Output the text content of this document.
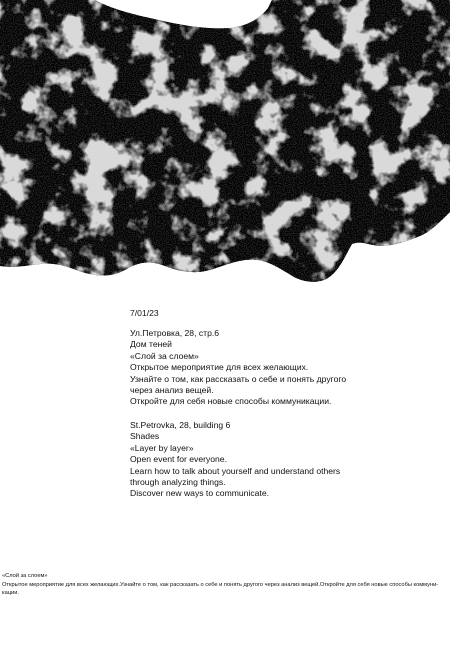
7/01/23
Ул.Петровка, 28, стр.6
Дом теней
«Слой за слоем»
Открытое мероприятие для всех желающих.
Узнайте о том, как рассказать о себе и понять другого
через анализ вещей.
Откройте для себя новые способы коммуникации.
St.Petrovka, 28, building 6
Shades
«Layer by layer»
Open event for everyone.
Learn how to talk about yourself and understand others
through analyzing things.
Discover new ways to communicate.
«Слой за слоем»
Открытое мероприятие для всех желающих.Узнайте о том, как рассказать о себе и понять другого через анализ вещей.Откройте для себя новые способы коммуни-
кации.
